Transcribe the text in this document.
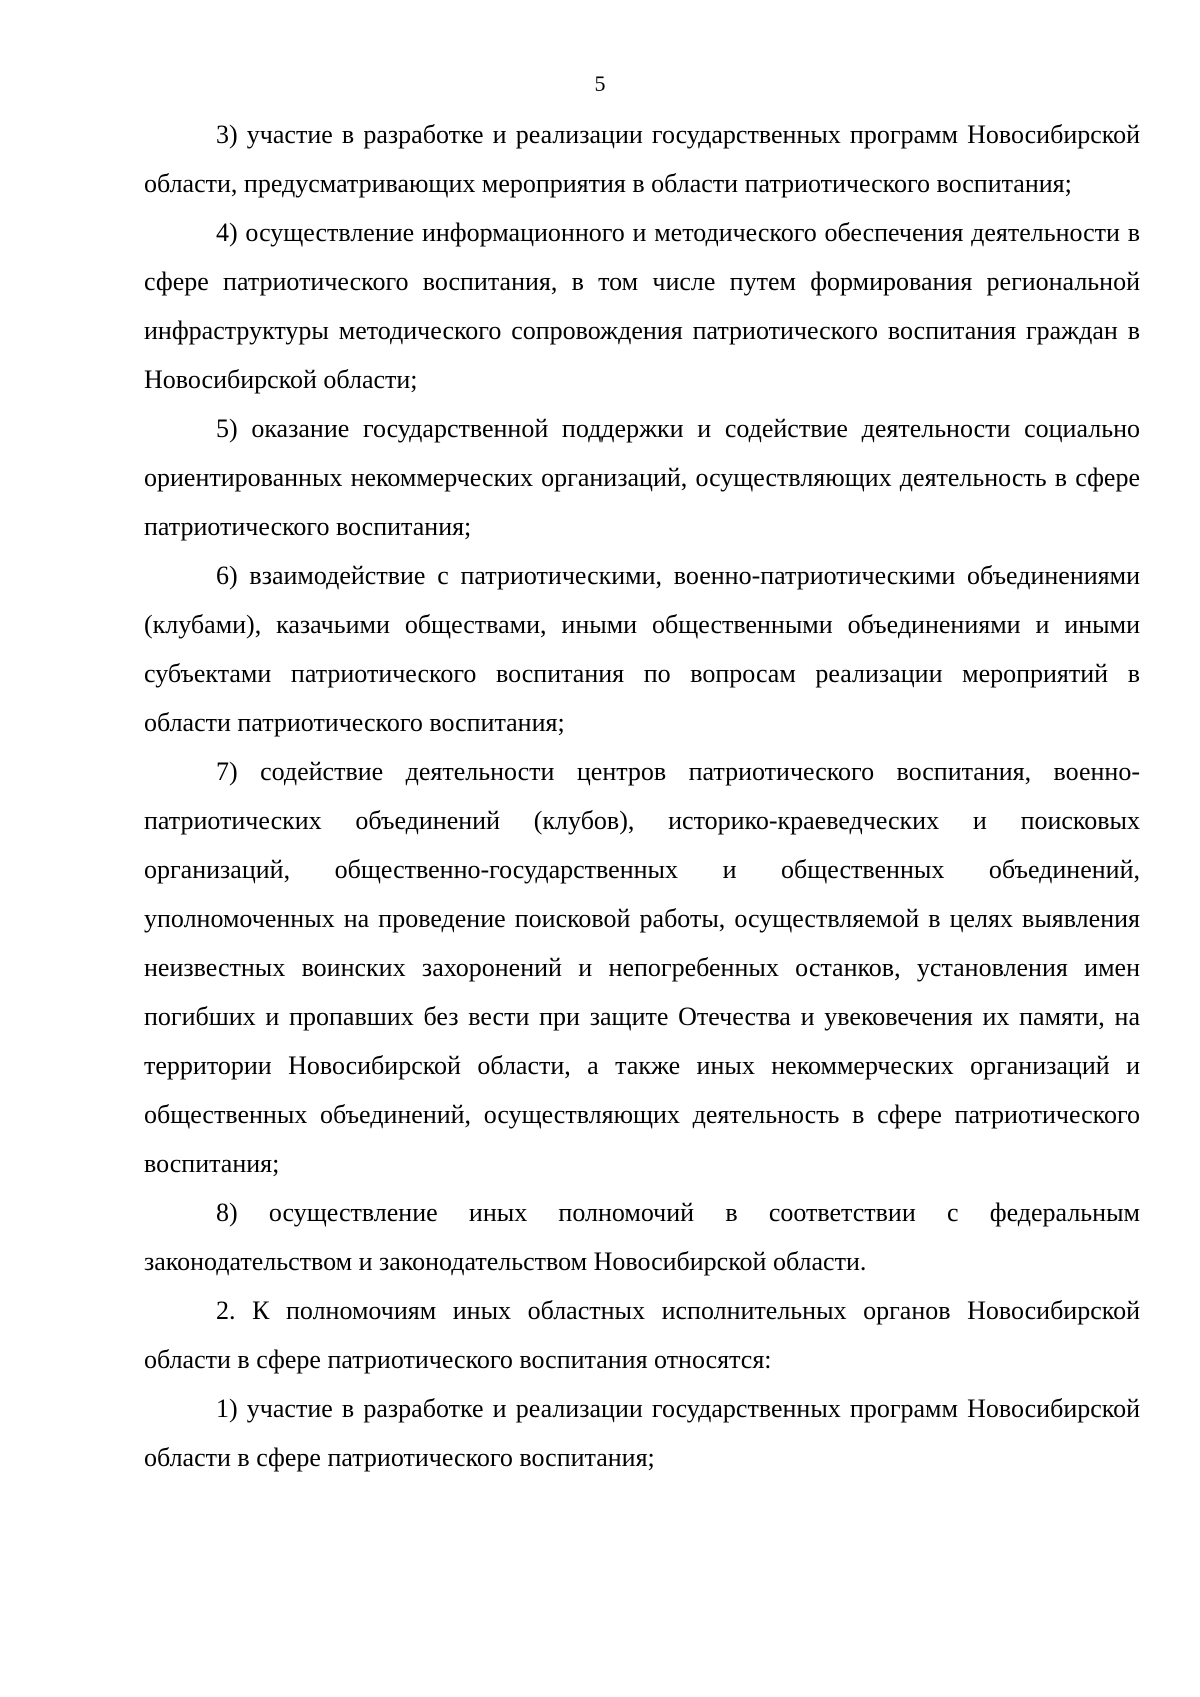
5

3) участие в разработке и реализации государственных программ Новосибирской области, предусматривающих мероприятия в области патриотического воспитания;

4) осуществление информационного и методического обеспечения деятельности в сфере патриотического воспитания, в том числе путем формирования региональной инфраструктуры методического сопровождения патриотического воспитания граждан в Новосибирской области;

5) оказание государственной поддержки и содействие деятельности социально ориентированных некоммерческих организаций, осуществляющих деятельность в сфере патриотического воспитания;

6) взаимодействие с патриотическими, военно-патриотическими объединениями (клубами), казачьими обществами, иными общественными объединениями и иными субъектами патриотического воспитания по вопросам реализации мероприятий в области патриотического воспитания;

7) содействие деятельности центров патриотического воспитания, военно-патриотических объединений (клубов), историко-краеведческих и поисковых организаций, общественно-государственных и общественных объединений, уполномоченных на проведение поисковой работы, осуществляемой в целях выявления неизвестных воинских захоронений и непогребенных останков, установления имен погибших и пропавших без вести при защите Отечества и увековечения их памяти, на территории Новосибирской области, а также иных некоммерческих организаций и общественных объединений, осуществляющих деятельность в сфере патриотического воспитания;

8) осуществление иных полномочий в соответствии с федеральным законодательством и законодательством Новосибирской области.

2. К полномочиям иных областных исполнительных органов Новосибирской области в сфере патриотического воспитания относятся:

1) участие в разработке и реализации государственных программ Новосибирской области в сфере патриотического воспитания;
